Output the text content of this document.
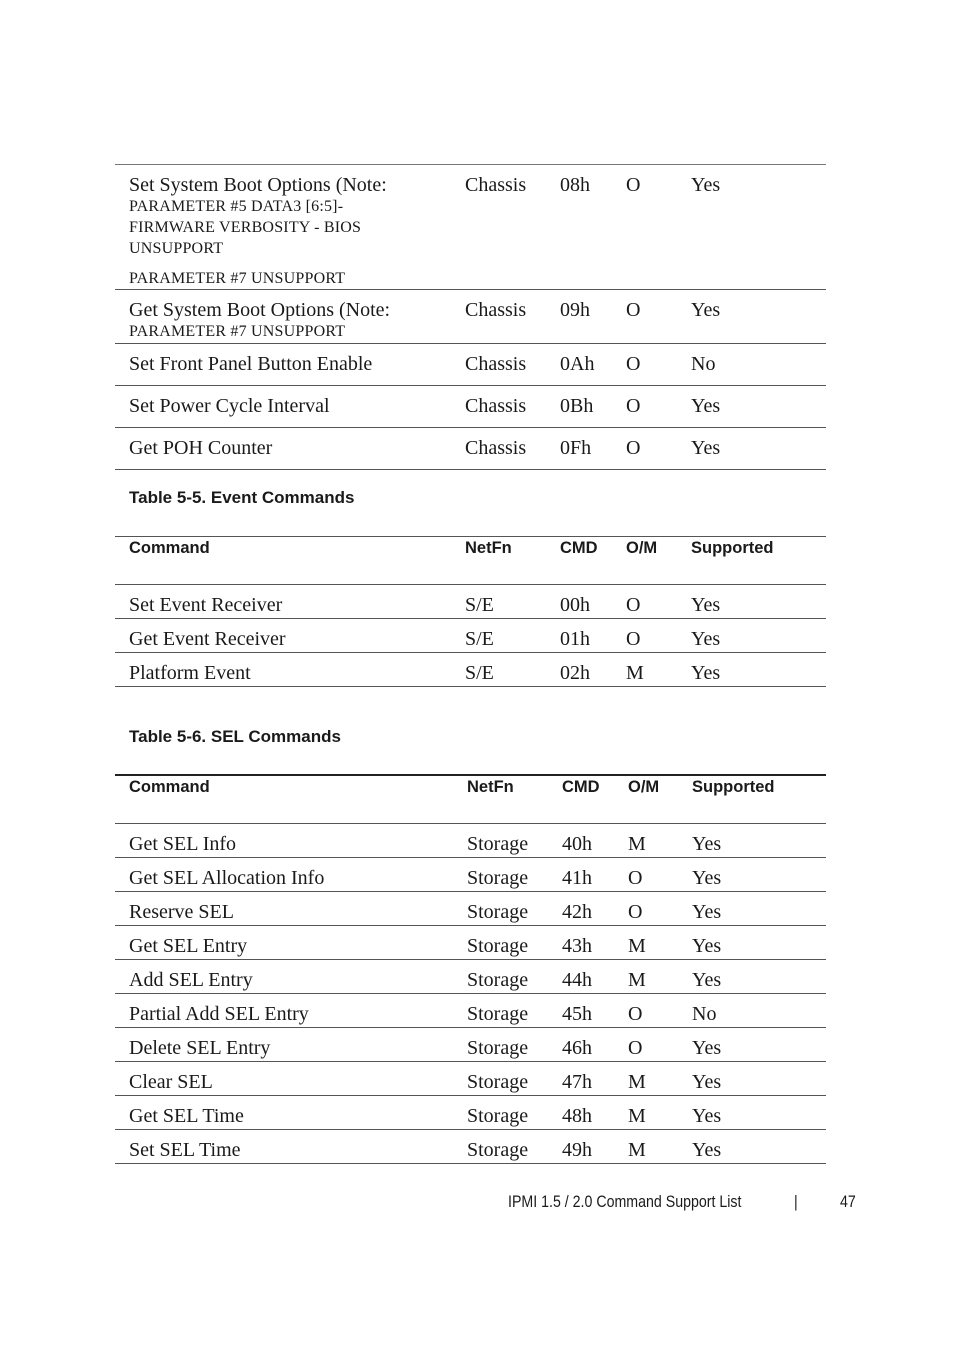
Set System Boot Options (Note:
PARAMETER #5 DATA3 [6:5]-
FIRMWARE VERBOSITY - BIOS
UNSUPPORT
PARAMETER #7 UNSUPPORT	Chassis	08h	O	Yes

Get System Boot Options (Note:
PARAMETER #7 UNSUPPORT	Chassis	09h	O	Yes
Set Front Panel Button Enable	Chassis	0Ah	O	No
Set Power Cycle Interval	Chassis	0Bh	O	Yes
Get POH Counter	Chassis	0Fh	O	Yes
Table 5-5. Event Commands
Command	NetFn	CMD	O/M	Supported
Set Event Receiver	S/E	00h	O	Yes
Get Event Receiver	S/E	01h	O	Yes
Platform Event	S/E	02h	M	Yes
Table 5-6. SEL Commands
Command	NetFn	CMD	O/M	Supported
Get SEL Info	Storage	40h	M	Yes
Get SEL Allocation Info	Storage	41h	O	Yes
Reserve SEL	Storage	42h	O	Yes
Get SEL Entry	Storage	43h	M	Yes
Add SEL Entry	Storage	44h	M	Yes
Partial Add SEL Entry	Storage	45h	O	No
Delete SEL Entry	Storage	46h	O	Yes
Clear SEL	Storage	47h	M	Yes
Get SEL Time	Storage	48h	M	Yes
Set SEL Time	Storage	49h	M	Yes
IPMI 1.5 / 2.0 Command Support List	|	47
